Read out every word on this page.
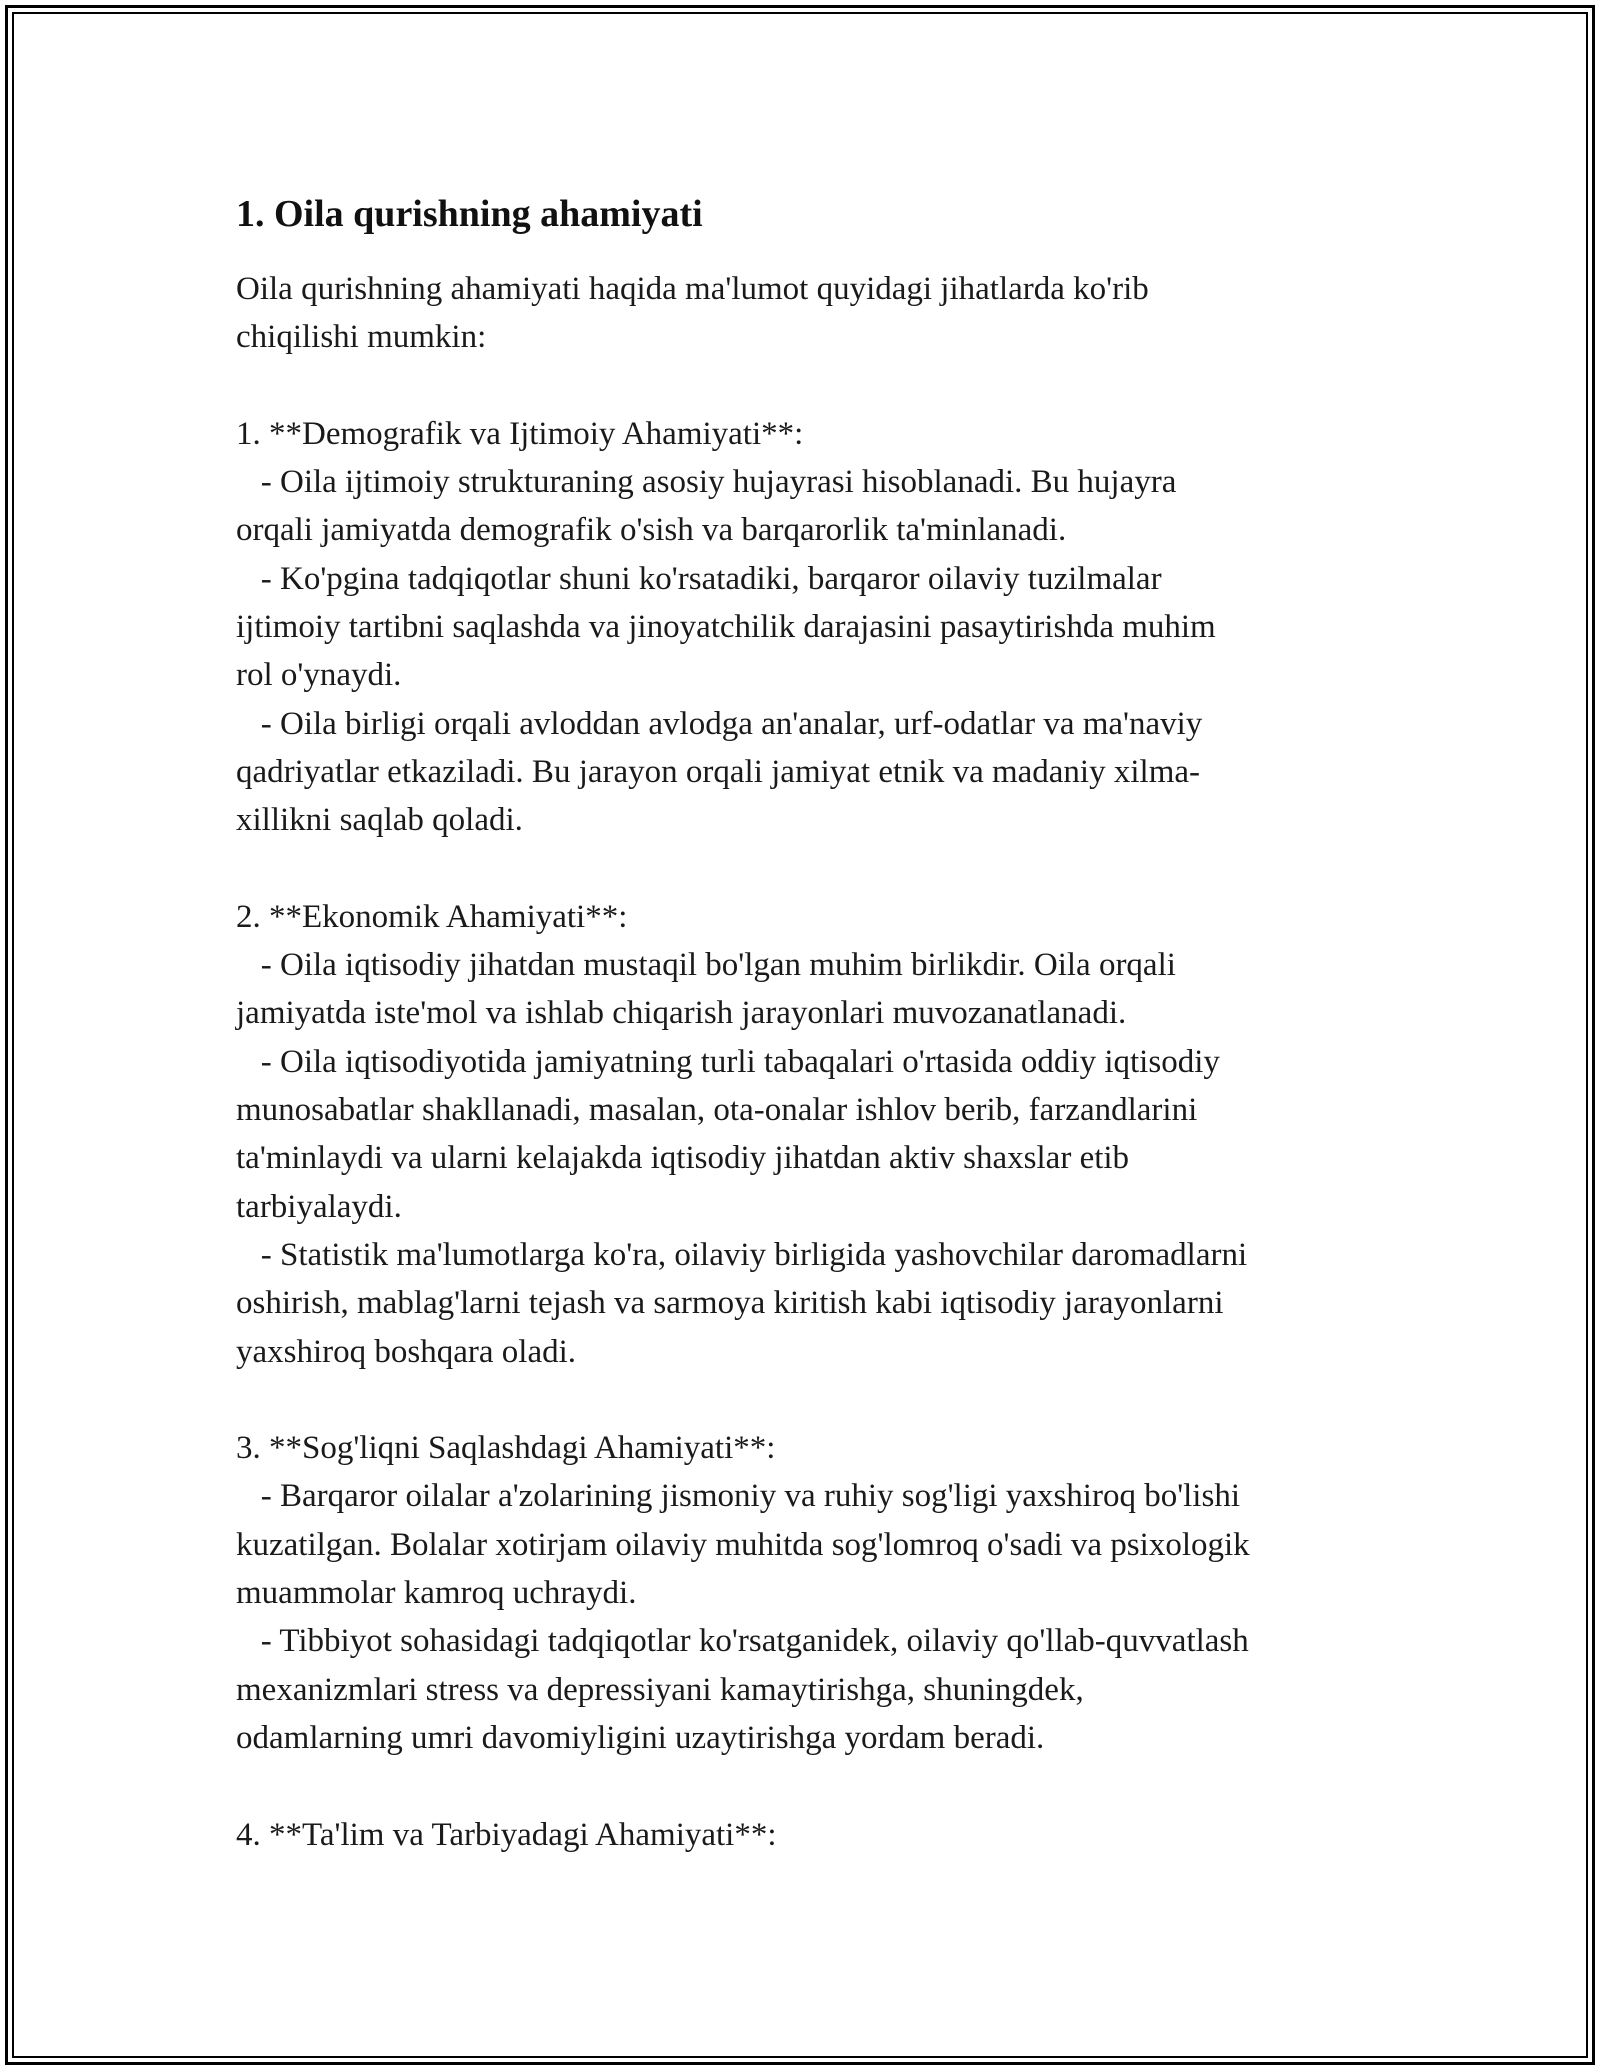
1. Oila qurishning ahamiyati
Oila qurishning ahamiyati haqida ma'lumot quyidagi jihatlarda ko'rib
chiqilishi mumkin:
1. **Demografik va Ijtimoiy Ahamiyati**:
- Oila ijtimoiy strukturaning asosiy hujayrasi hisoblanadi. Bu hujayra
orqali jamiyatda demografik o'sish va barqarorlik ta'minlanadi.
- Ko'pgina tadqiqotlar shuni ko'rsatadiki, barqaror oilaviy tuzilmalar
ijtimoiy tartibni saqlashda va jinoyatchilik darajasini pasaytirishda muhim
rol o'ynaydi.
- Oila birligi orqali avloddan avlodga an'analar, urf-odatlar va ma'naviy
qadriyatlar etkaziladi. Bu jarayon orqali jamiyat etnik va madaniy xilma-
xillikni saqlab qoladi.
2. **Ekonomik Ahamiyati**:
- Oila iqtisodiy jihatdan mustaqil bo'lgan muhim birlikdir. Oila orqali
jamiyatda iste'mol va ishlab chiqarish jarayonlari muvozanatlanadi.
- Oila iqtisodiyotida jamiyatning turli tabaqalari o'rtasida oddiy iqtisodiy
munosabatlar shakllanadi, masalan, ota-onalar ishlov berib, farzandlarini
ta'minlaydi va ularni kelajakda iqtisodiy jihatdan aktiv shaxslar etib
tarbiyalaydi.
- Statistik ma'lumotlarga ko'ra, oilaviy birligida yashovchilar daromadlarni
oshirish, mablag'larni tejash va sarmoya kiritish kabi iqtisodiy jarayonlarni
yaxshiroq boshqara oladi.
3. **Sog'liqni Saqlashdagi Ahamiyati**:
- Barqaror oilalar a'zolarining jismoniy va ruhiy sog'ligi yaxshiroq bo'lishi
kuzatilgan. Bolalar xotirjam oilaviy muhitda sog'lomroq o'sadi va psixologik
muammolar kamroq uchraydi.
- Tibbiyot sohasidagi tadqiqotlar ko'rsatganidek, oilaviy qo'llab-quvvatlash
mexanizmlari stress va depressiyani kamaytirishga, shuningdek,
odamlarning umri davomiyligini uzaytirishga yordam beradi.
4. **Ta'lim va Tarbiyadagi Ahamiyati**:
